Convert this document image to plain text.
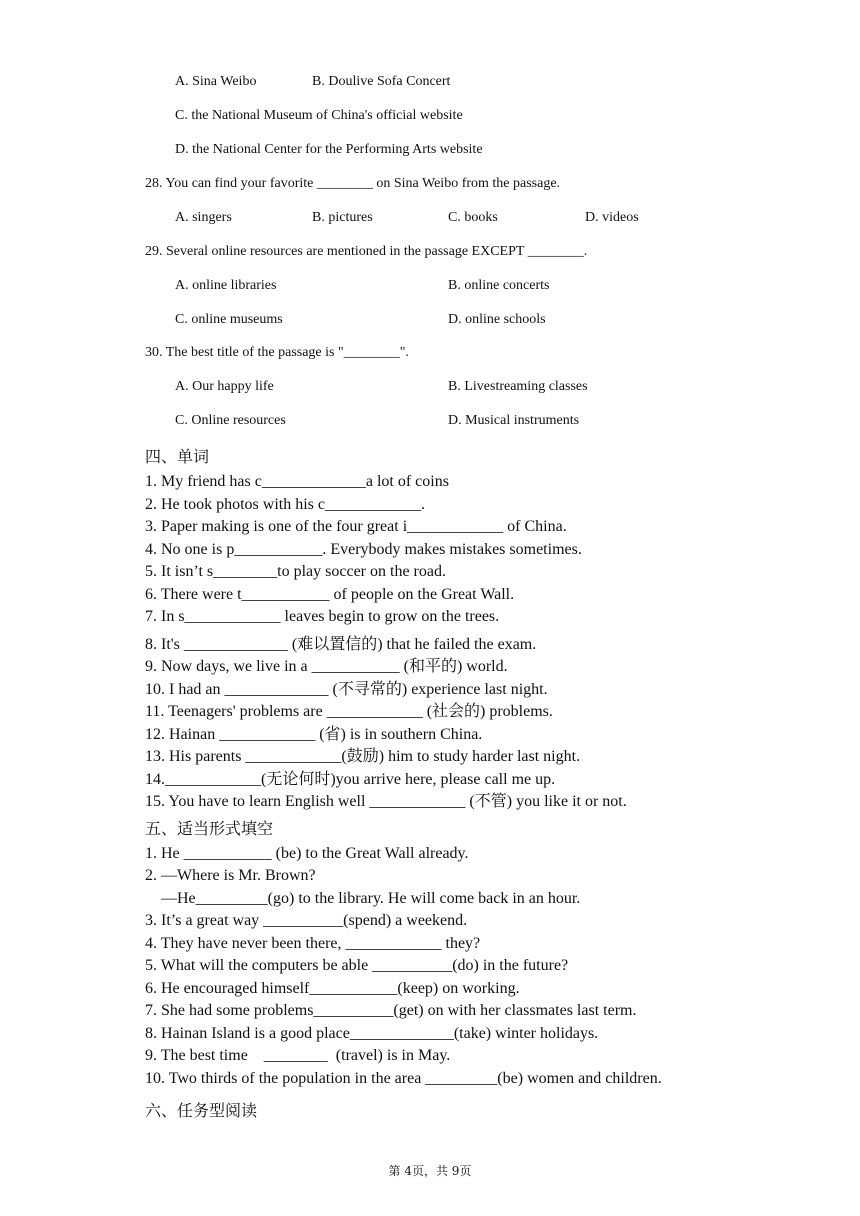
A. Sina Weibo	B. Doulive Sofa Concert
C. the National Museum of China's official website
D. the National Center for the Performing Arts website
28. You can find your favorite ________ on Sina Weibo from the passage.
A. singers	B. pictures	C. books	D. videos
29. Several online resources are mentioned in the passage EXCEPT ________.
A. online libraries	B. online concerts
C. online museums	D. online schools
30. The best title of the passage is "________".
A. Our happy life	B. Livestreaming classes
C. Online resources	D. Musical instruments
四、单词
1. My friend has c_____________a lot of coins
2. He took photos with his c____________.
3. Paper making is one of the four great i____________ of China.
4. No one is p___________. Everybody makes mistakes sometimes.
5. It isn’t s________to play soccer on the road.
6. There were t___________ of people on the Great Wall.
7. In s____________ leaves begin to grow on the trees.
8. It's _____________ (难以置信的) that he failed the exam.
9. Now days, we live in a ___________ (和平的) world.
10. I had an _____________ (不寻常的) experience last night.
11. Teenagers' problems are ____________ (社会的) problems.
12. Hainan ____________ (省) is in southern China.
13. His parents ____________(鼓励) him to study harder last night.
14.____________(无论何时)you arrive here, please call me up.
15. You have to learn English well ____________ (不管) you like it or not.
五、适当形式填空
1. He ___________ (be) to the Great Wall already.
2. —Where is Mr. Brown?
—He_________(go) to the library. He will come back in an hour.
3. It’s a great way __________(spend) a weekend.
4. They have never been there, ____________ they?
5. What will the computers be able __________(do) in the future?
6. He encouraged himself___________(keep) on working.
7. She had some problems__________(get) on with her classmates last term.
8. Hainan Island is a good place_____________(take) winter holidays.
9. The best time    ________  (travel) is in May.
10. Two thirds of the population in the area _________(be) women and children.
六、任务型阅读
第 4页，共 9页
